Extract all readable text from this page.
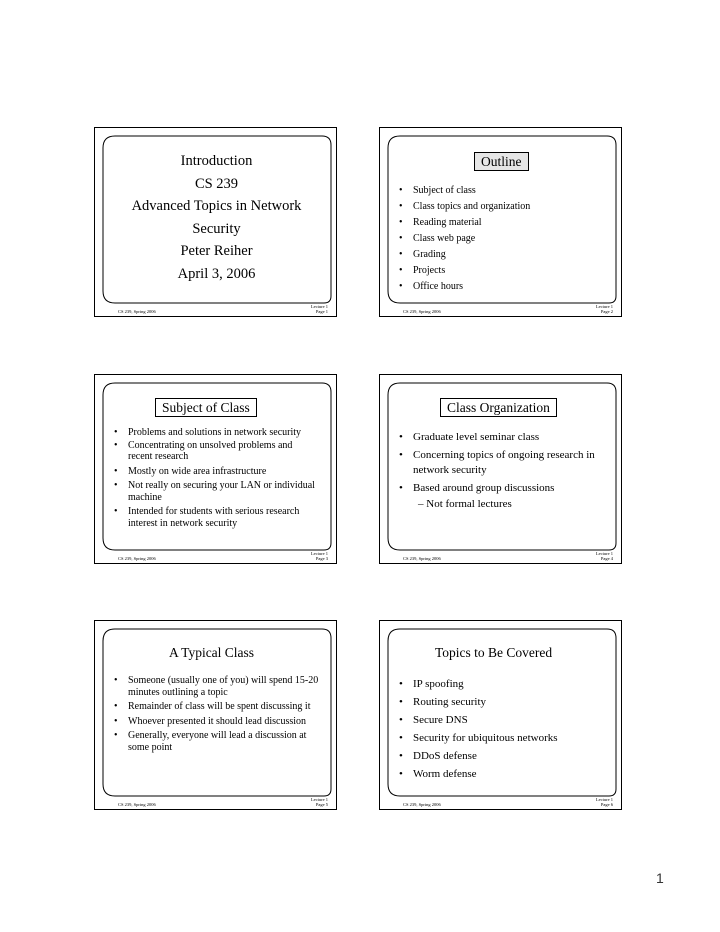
Introduction
CS 239
Advanced Topics in Network
Security
Peter Reiher
April 3, 2006
CS 239, Spring 2006
Lecture 1
Page 1
Outline
• Subject of class
• Class topics and organization
• Reading material
• Class web page
• Grading
• Projects
• Office hours
CS 239, Spring 2006
Lecture 1
Page 2
Subject of Class
• Problems and solutions in network security
• Concentrating on unsolved problems and recent research
• Mostly on wide area infrastructure
• Not really on securing your LAN or individual machine
• Intended for students with serious research interest in network security
CS 239, Spring 2006
Lecture 1
Page 3
Class Organization
• Graduate level seminar class
• Concerning topics of ongoing research in network security
• Based around group discussions
– Not formal lectures
CS 239, Spring 2006
Lecture 1
Page 4
A Typical Class
• Someone (usually one of you) will spend 15-20 minutes outlining a topic
• Remainder of class will be spent discussing it
• Whoever presented it should lead discussion
• Generally, everyone will lead a discussion at some point
CS 239, Spring 2006
Lecture 1
Page 5
Topics to Be Covered
• IP spoofing
• Routing security
• Secure DNS
• Security for ubiquitous networks
• DDoS defense
• Worm defense
CS 239, Spring 2006
Lecture 1
Page 6
1
